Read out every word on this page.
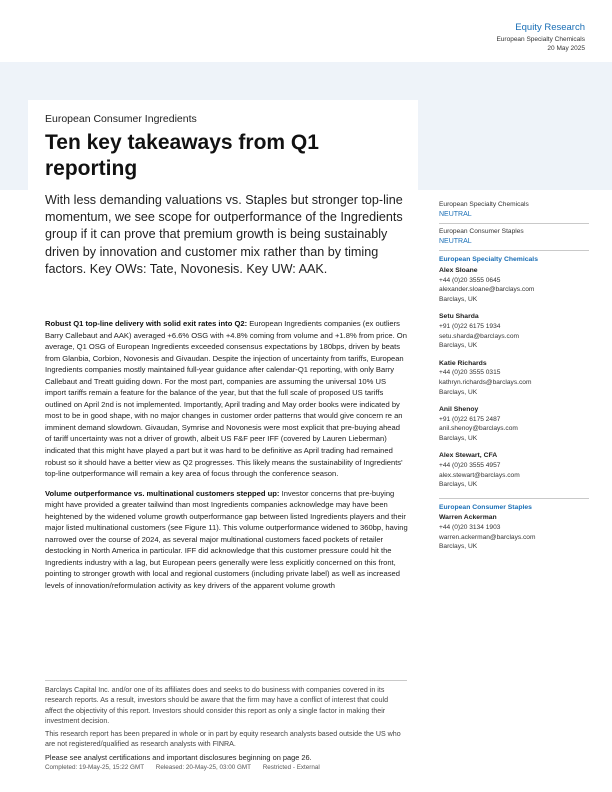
Equity Research
European Specialty Chemicals
20 May 2025
European Consumer Ingredients
Ten key takeaways from Q1 reporting
With less demanding valuations vs. Staples but stronger top-line momentum, we see scope for outperformance of the Ingredients group if it can prove that premium growth is being sustainably driven by innovation and customer mix rather than by timing factors. Key OWs: Tate, Novonesis. Key UW: AAK.

Robust Q1 top-line delivery with solid exit rates into Q2: European Ingredients companies (ex outliers Barry Callebaut and AAK) averaged +6.6% OSG with +4.8% coming from volume and +1.8% from price. On average, Q1 OSG of European Ingredients exceeded consensus expectations by 180bps, driven by beats from Glanbia, Corbion, Novonesis and Givaudan. Despite the injection of uncertainty from tariffs, European Ingredients companies mostly maintained full-year guidance after calendar-Q1 reporting, with only Barry Callebaut and Treatt guiding down. For the most part, companies are assuming the universal 10% US import tariffs remain a feature for the balance of the year, but that the full scale of proposed US tariffs outlined on April 2nd is not implemented. Importantly, April trading and May order books were indicated by most to be in good shape, with no major changes in customer order patterns that would give concern re an imminent demand slowdown. Givaudan, Symrise and Novonesis were most explicit that pre-buying ahead of tariff uncertainty was not a driver of growth, albeit US F&F peer IFF (covered by Lauren Lieberman) indicated that this might have played a part but it was hard to be definitive as April trading had remained robust so it should have a better view as Q2 progresses. This likely means the sustainability of Ingredients' top-line outperformance will remain a key area of focus through the conference season.

Volume outperformance vs. multinational customers stepped up: Investor concerns that pre-buying might have provided a greater tailwind than most Ingredients companies acknowledge may have been heightened by the widened volume growth outperformance gap between listed Ingredients players and their major listed multinational customers (see Figure 11). This volume outperformance widened to 360bp, having narrowed over the course of 2024, as several major multinational customers faced pockets of retailer destocking in North America in particular. IFF did acknowledge that this customer pressure could hit the Ingredients industry with a lag, but European peers generally were less explicitly concerned on this front, pointing to stronger growth with local and regional customers (including private label) as well as increased levels of innovation/reformulation activity as key drivers of the apparent volume growth

European Specialty Chemicals
NEUTRAL
European Consumer Staples
NEUTRAL
European Specialty Chemicals
Alex Sloane
+44 (0)20 3555 0645
alexander.sloane@barclays.com
Barclays, UK
Setu Sharda
+91 (0)22 6175 1934
setu.sharda@barclays.com
Barclays, UK
Katie Richards
+44 (0)20 3555 0315
kathryn.richards@barclays.com
Barclays, UK
Anil Shenoy
+91 (0)22 6175 2487
anil.shenoy@barclays.com
Barclays, UK
Alex Stewart, CFA
+44 (0)20 3555 4957
alex.stewart@barclays.com
Barclays, UK
European Consumer Staples
Warren Ackerman
+44 (0)20 3134 1903
warren.ackerman@barclays.com
Barclays, UK

Barclays Capital Inc. and/or one of its affiliates does and seeks to do business with companies covered in its research reports. As a result, investors should be aware that the firm may have a conflict of interest that could affect the objectivity of this report. Investors should consider this report as only a single factor in making their investment decision.

This research report has been prepared in whole or in part by equity research analysts based outside the US who are not registered/qualified as research analysts with FINRA.

Please see analyst certifications and important disclosures beginning on page 26.
Completed: 19-May-25, 15:22 GMT Released: 20-May-25, 03:00 GMT Restricted - External
